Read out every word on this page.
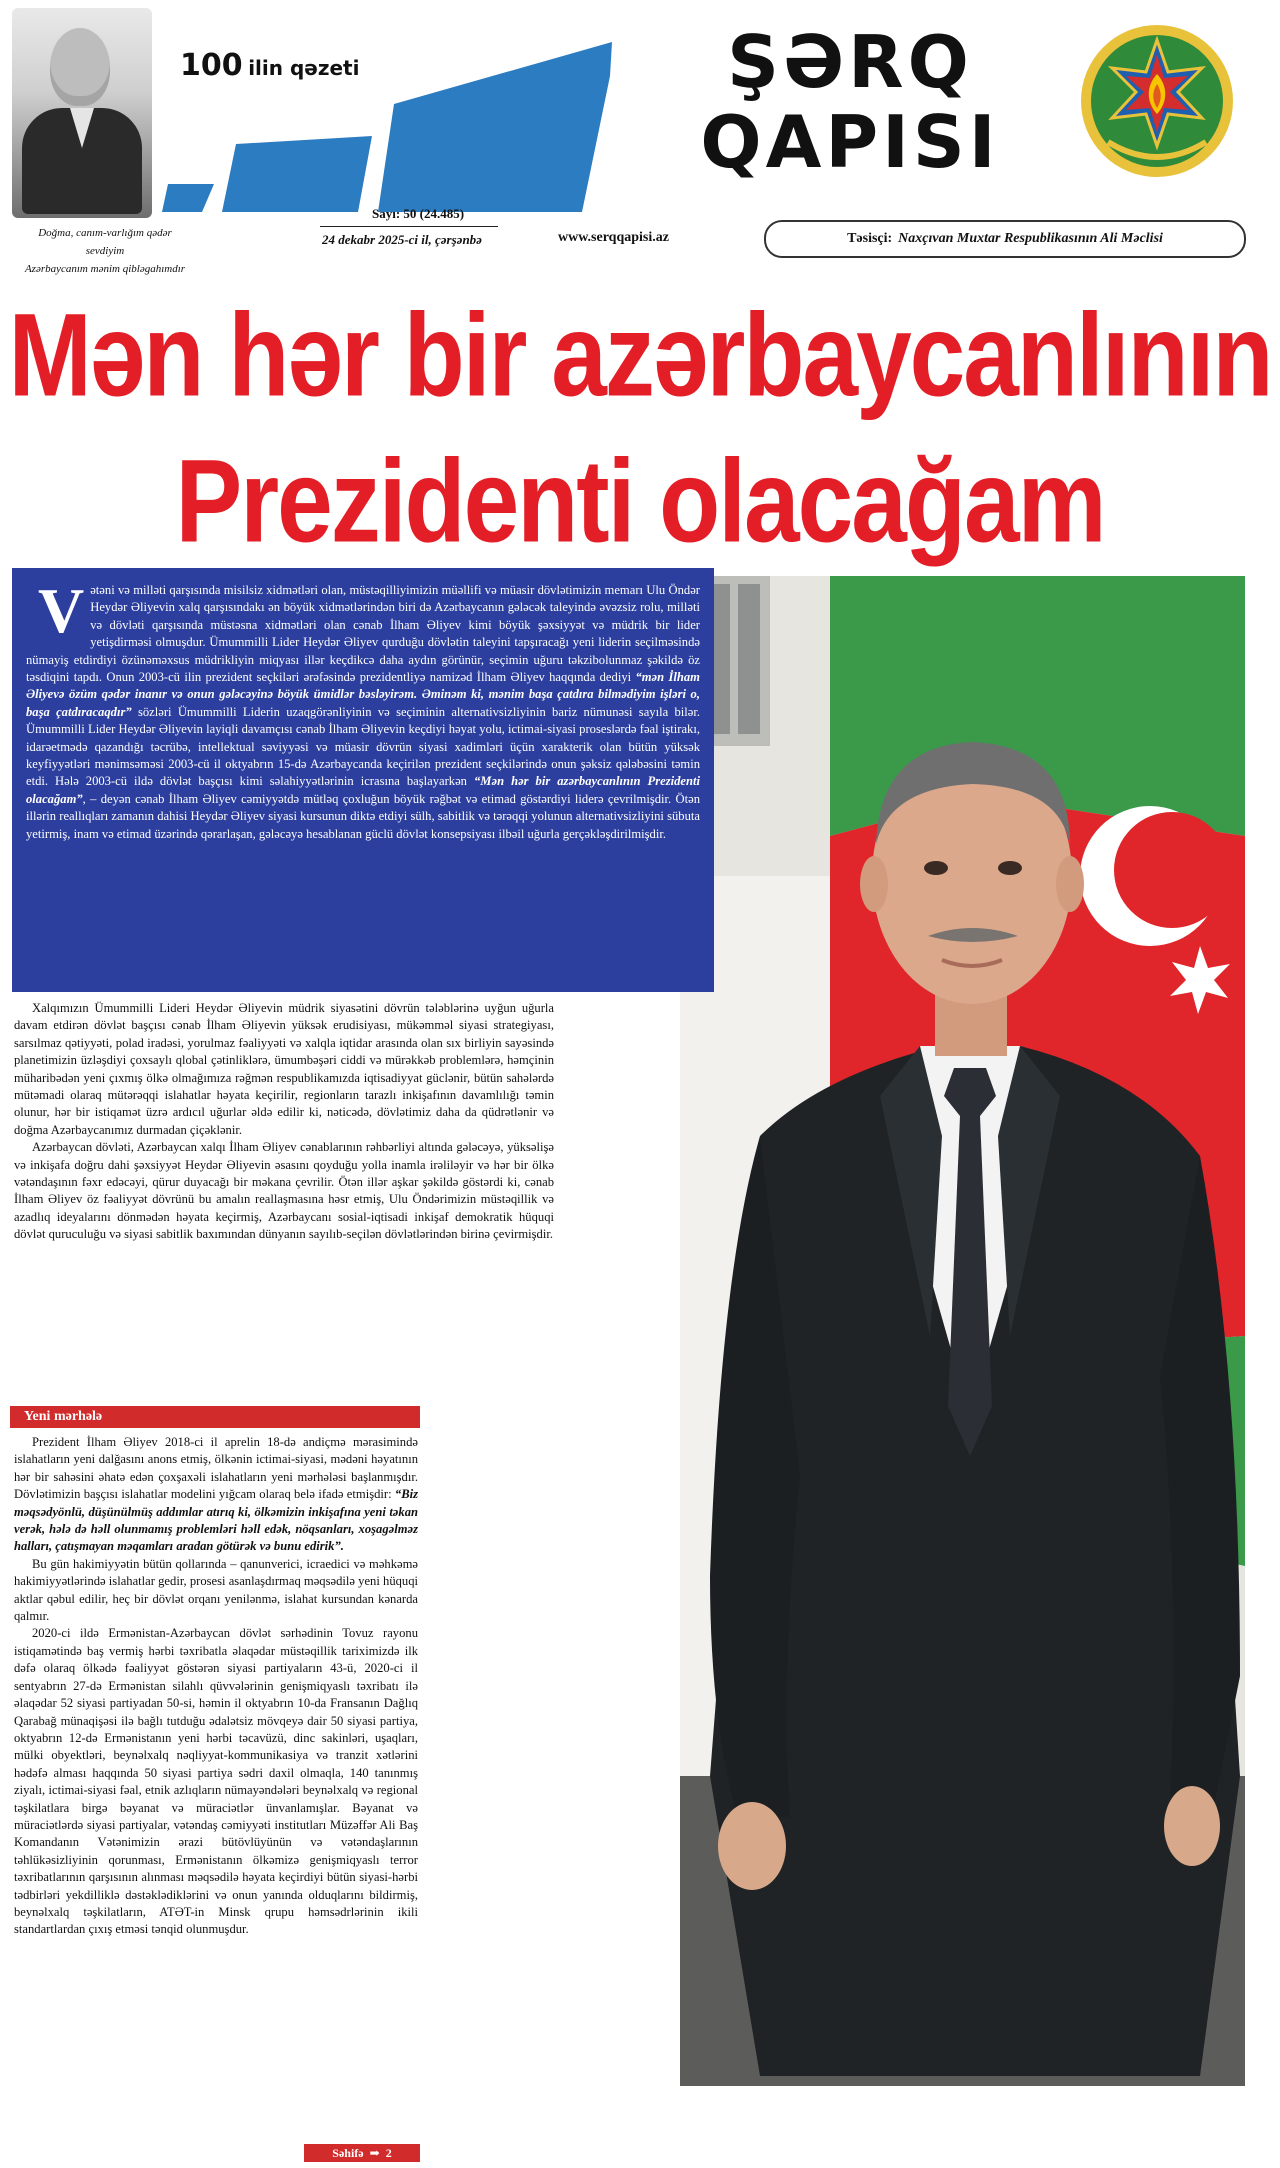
Doğma, canım-varlığım qədər sevdiyim
Azərbaycanım mənim qibləgahımdır
100 ilin qəzeti	ŞƏRQ
QAPISI
Sayı: 50 (24.485)
24 dekabr 2025-ci il, çərşənbə	www.serqqapisi.az	Təsisçi: Naxçıvan Muxtar Respublikasının Ali Məclisi
Mən hər bir azərbaycanlının
Prezidenti olacağam
Vətəni və milləti qarşısında misilsiz xidmətləri olan, müstəqilliyimizin müəllifi və müasir dövlətimizin memarı Ulu Öndər Heydər Əliyevin xalq qarşısındakı ən böyük xidmətlərindən biri də Azərbaycanın gələcək taleyində əvəzsiz rolu, milləti və dövləti qarşısında müstəsna xidmətləri olan cənab İlham Əliyev kimi böyük şəxsiyyət və müdrik bir lider yetişdirməsi olmuşdur. Ümummilli Lider Heydər Əliyev qurduğu dövlətin taleyini tapşıracağı yeni liderin seçilməsində nümayiş etdirdiyi özünəməxsus müdrikliyin miqyası illər keçdikcə daha aydın görünür, seçimin uğuru təkzibolunmaz şəkildə öz təsdiqini tapdı. Onun 2003-cü ilin prezident seçkiləri ərəfəsində prezidentliyə namizəd İlham Əliyev haqqında dediyi “mən İlham Əliyevə özüm qədər inanır və onun gələcəyinə böyük ümidlər bəsləyirəm. Əminəm ki, mənim başa çatdıra bilmədiyim işləri o, başa çatdıracaqdır” sözləri Ümummilli Liderin uzaqgörənliyinin və seçiminin alternativsizliyinin bariz nümunəsi sayıla bilər. Ümummilli Lider Heydər Əliyevin layiqli davamçısı cənab İlham Əliyevin keçdiyi həyat yolu, ictimai-siyasi proseslərdə fəal iştirakı, idarəetmədə qazandığı təcrübə, intellektual səviyyəsi və müasir dövrün siyasi xadimləri üçün xarakterik olan bütün yüksək keyfiyyətləri mənimsəməsi 2003-cü il oktyabrın 15-də Azərbaycanda keçirilən prezident seçkilərində onun şəksiz qələbəsini təmin etdi. Hələ 2003-cü ildə dövlət başçısı kimi səlahiyyətlərinin icrasına başlayarkən “Mən hər bir azərbaycanlının Prezidenti olacağam”, – deyən cənab İlham Əliyev cəmiyyətdə mütləq çoxluğun böyük rəğbət və etimad göstərdiyi liderə çevrilmişdir. Ötən illərin reallıqları zamanın dahisi Heydər Əliyev siyasi kursunun diktə etdiyi sülh, sabitlik və tərəqqi yolunun alternativsizliyini sübuta yetirmiş, inam və etimad üzərində qərarlaşan, gələcəyə hesablanan güclü dövlət konsepsiyası ilbəil uğurla gerçəkləşdirilmişdir.

Xalqımızın Ümummilli Lideri Heydər Əliyevin müdrik siyasətini dövrün tələblərinə uyğun uğurla davam etdirən dövlət başçısı cənab İlham Əliyevin yüksək erudisiyası, mükəmməl siyasi strategiyası, sarsılmaz qətiyyəti, polad iradəsi, yorulmaz fəaliyyəti və xalqla iqtidar arasında olan sıx birliyin sayəsində planetimizin üzləşdiyi çoxsaylı qlobal çətinliklərə, ümumbəşəri ciddi və mürəkkəb problemlərə, həmçinin müharibədən yeni çıxmış ölkə olmağımıza rəğmən respublikamızda iqtisadiyyat güclənir, bütün sahələrdə mütəmadi olaraq mütərəqqi islahatlar həyata keçirilir, regionların tarazlı inkişafının davamlılığı təmin olunur, hər bir istiqamət üzrə ardıcıl uğurlar əldə edilir ki, nəticədə, dövlətimiz daha da qüdrətlənir və doğma Azərbaycanımız durmadan çiçəklənir.

Azərbaycan dövləti, Azərbaycan xalqı İlham Əliyev cənablarının rəhbərliyi altında gələcəyə, yüksəlişə və inkişafa doğru dahi şəxsiyyət Heydər Əliyevin əsasını qoyduğu yolla inamla irəliləyir və hər bir ölkə vətəndaşının fəxr edəcəyi, qürur duyacağı bir məkana çevrilir. Ötən illər aşkar şəkildə göstərdi ki, cənab İlham Əliyev öz fəaliyyət dövrünü bu amalın reallaşmasına həsr etmiş, Ulu Öndərimizin müstəqillik və azadlıq ideyalarını dönmədən həyata keçirmiş, Azərbaycanı sosial-iqtisadi inkişaf demokratik hüquqi dövlət quruculuğu və siyasi sabitlik baxımından dünyanın sayılıb-seçilən dövlətlərindən birinə çevirmişdir.

Yeni mərhələ

Prezident İlham Əliyev 2018-ci il aprelin 18-də andiçmə mərasimində islahatların yeni dalğasını anons etmiş, ölkənin ictimai-siyasi, mədəni həyatının hər bir sahəsini əhatə edən çoxşaxəli islahatların yeni mərhələsi başlanmışdır. Dövlətimizin başçısı islahatlar modelini yığcam olaraq belə ifadə etmişdir: “Biz məqsədyönlü, düşünülmüş addımlar atırıq ki, ölkəmizin inkişafına yeni təkan verək, hələ də həll olunmamış problemləri həll edək, nöqsanları, xoşagəlməz halları, çatışmayan məqamları aradan götürək və bunu edirik”.

Bu gün hakimiyyətin bütün qollarında – qanunverici, icraedici və məhkəmə hakimiyyətlərində islahatlar gedir, prosesi asanlaşdırmaq məqsədilə yeni hüquqi aktlar qəbul edilir, heç bir dövlət orqanı yenilənmə, islahat kursundan kənarda qalmır.

2020-ci ildə Ermənistan-Azərbaycan dövlət sərhədinin Tovuz rayonu istiqamətində baş vermiş hərbi təxribatla əlaqədar müstəqillik tariximizdə ilk dəfə olaraq ölkədə fəaliyyət göstərən siyasi partiyaların 43-ü, 2020-ci il sentyabrın 27-də Ermənistan silahlı qüvvələrinin genişmiqyaslı təxribatı ilə əlaqədar 52 siyasi partiyadan 50-si, həmin il oktyabrın 10-da Fransanın Dağlıq Qarabağ münaqişəsi ilə bağlı tutduğu ədalətsiz mövqeyə dair 50 siyasi partiya, oktyabrın 12-də Ermənistanın yeni hərbi təcavüzü, dinc sakinləri, uşaqları, mülki obyektləri, beynəlxalq nəqliyyat-kommunikasiya və tranzit xətlərini hədəfə alması haqqında 50 siyasi partiya sədri daxil olmaqla, 140 tanınmış ziyalı, ictimai-siyasi fəal, etnik azlıqların nümayəndələri beynəlxalq və regional təşkilatlara birgə bəyanat və müraciətlər ünvanlamışlar. Bəyanat və müraciətlərdə siyasi partiyalar, vətəndaş cəmiyyəti institutları Müzəffər Ali Baş Komandanın Vətənimizin ərazi bütövlüyünün və vətəndaşlarının təhlükəsizliyinin qorunması, Ermənistanın ölkəmizə genişmiqyaslı terror təxribatlarının qarşısının alınması məqsədilə həyata keçirdiyi bütün siyasi-hərbi tədbirləri yekdilliklə dəstəklədiklərini və onun yanında olduqlarını bildirmiş, beynəlxalq təşkilatların, ATƏT-in Minsk qrupu həmsədrlərinin ikili standartlardan çıxış etməsi tənqid olunmuşdur.

Səhifə ➡ 2
